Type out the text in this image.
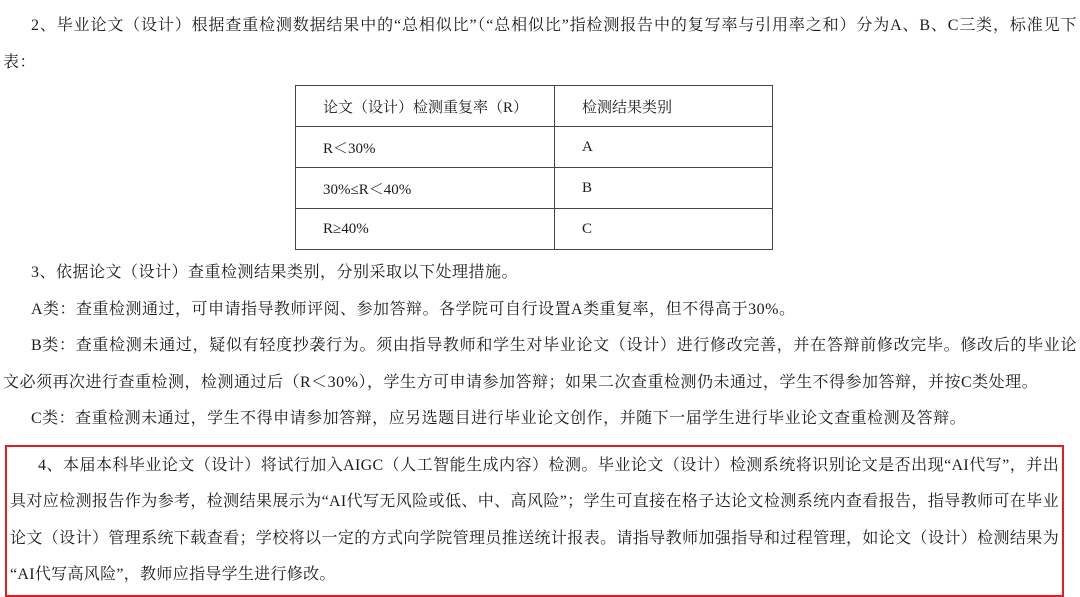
2、毕业论文（设计）根据查重检测数据结果中的“总相似比”（“总相似比”指检测报告中的复写率与引用率之和）分为A、B、C三类，标准见下表：

论文（设计）检测重复率（R）	检测结果类别
R＜30%	A
30%≤R＜40%	B
R≥40%	C

3、依据论文（设计）查重检测结果类别，分别采取以下处理措施。

A类：查重检测通过，可申请指导教师评阅、参加答辩。各学院可自行设置A类重复率，但不得高于30%。

B类：查重检测未通过，疑似有轻度抄袭行为。须由指导教师和学生对毕业论文（设计）进行修改完善，并在答辩前修改完毕。修改后的毕业论文必须再次进行查重检测，检测通过后（R＜30%），学生方可申请参加答辩；如果二次查重检测仍未通过，学生不得参加答辩，并按C类处理。

C类：查重检测未通过，学生不得申请参加答辩，应另选题目进行毕业论文创作，并随下一届学生进行毕业论文查重检测及答辩。

4、本届本科毕业论文（设计）将试行加入AIGC（人工智能生成内容）检测。毕业论文（设计）检测系统将识别论文是否出现“AI代写”，并出具对应检测报告作为参考，检测结果展示为“AI代写无风险或低、中、高风险”；学生可直接在格子达论文检测系统内查看报告，指导教师可在毕业论文（设计）管理系统下载查看；学校将以一定的方式向学院管理员推送统计报表。请指导教师加强指导和过程管理，如论文（设计）检测结果为“AI代写高风险”，教师应指导学生进行修改。
